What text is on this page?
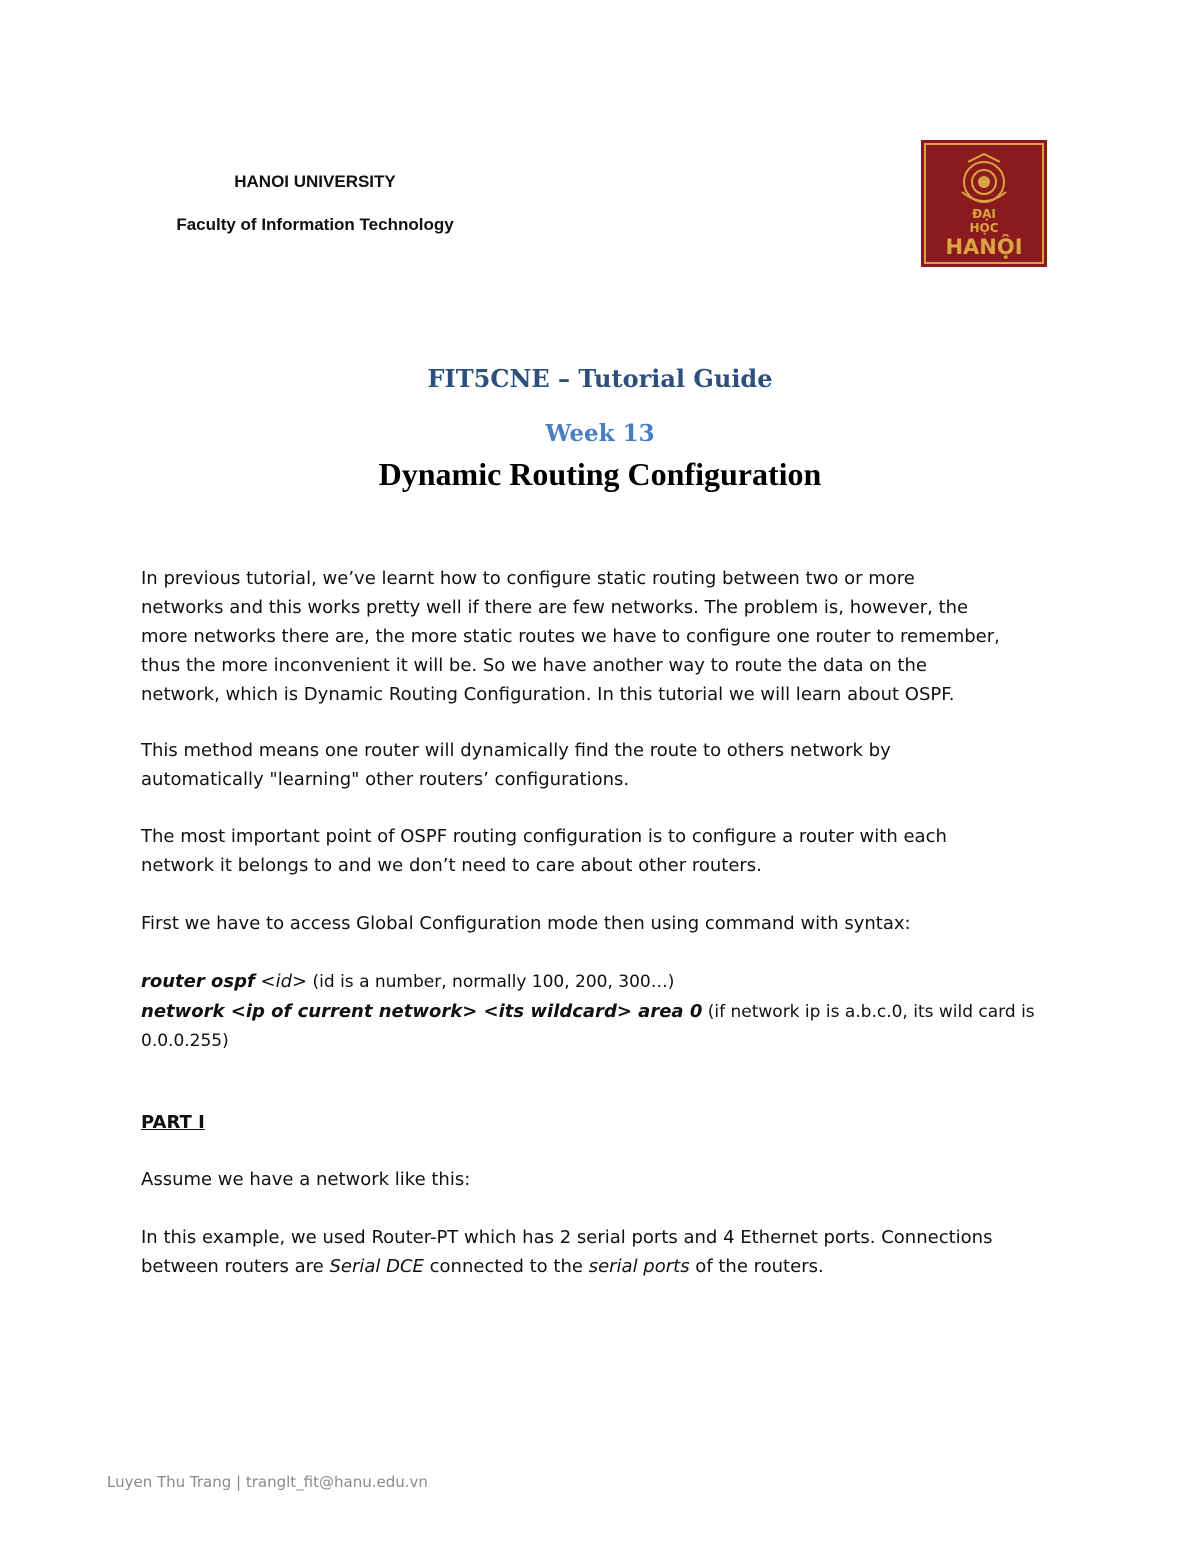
HANOI UNIVERSITY
Faculty of Information Technology
ĐẠI
HỌC
HANỘI
FIT5CNE – Tutorial Guide
Week 13
Dynamic Routing Configuration
In previous tutorial, we’ve learnt how to configure static routing between two or more
networks and this works pretty well if there are few networks. The problem is, however, the
more networks there are, the more static routes we have to configure one router to remember,
thus the more inconvenient it will be. So we have another way to route the data on the
network, which is Dynamic Routing Configuration. In this tutorial we will learn about OSPF.
This method means one router will dynamically find the route to others network by
automatically "learning" other routers’ configurations.
The most important point of OSPF routing configuration is to configure a router with each
network it belongs to and we don’t need to care about other routers.
First we have to access Global Configuration mode then using command with syntax:
router ospf <id> (id is a number, normally 100, 200, 300…)
network <ip of current network> <its wildcard> area 0 (if network ip is a.b.c.0, its wild card is
0.0.0.255)
PART I
Assume we have a network like this:
In this example, we used Router-PT which has 2 serial ports and 4 Ethernet ports. Connections
between routers are Serial DCE connected to the serial ports of the routers.
Luyen Thu Trang | tranglt_fit@hanu.edu.vn
